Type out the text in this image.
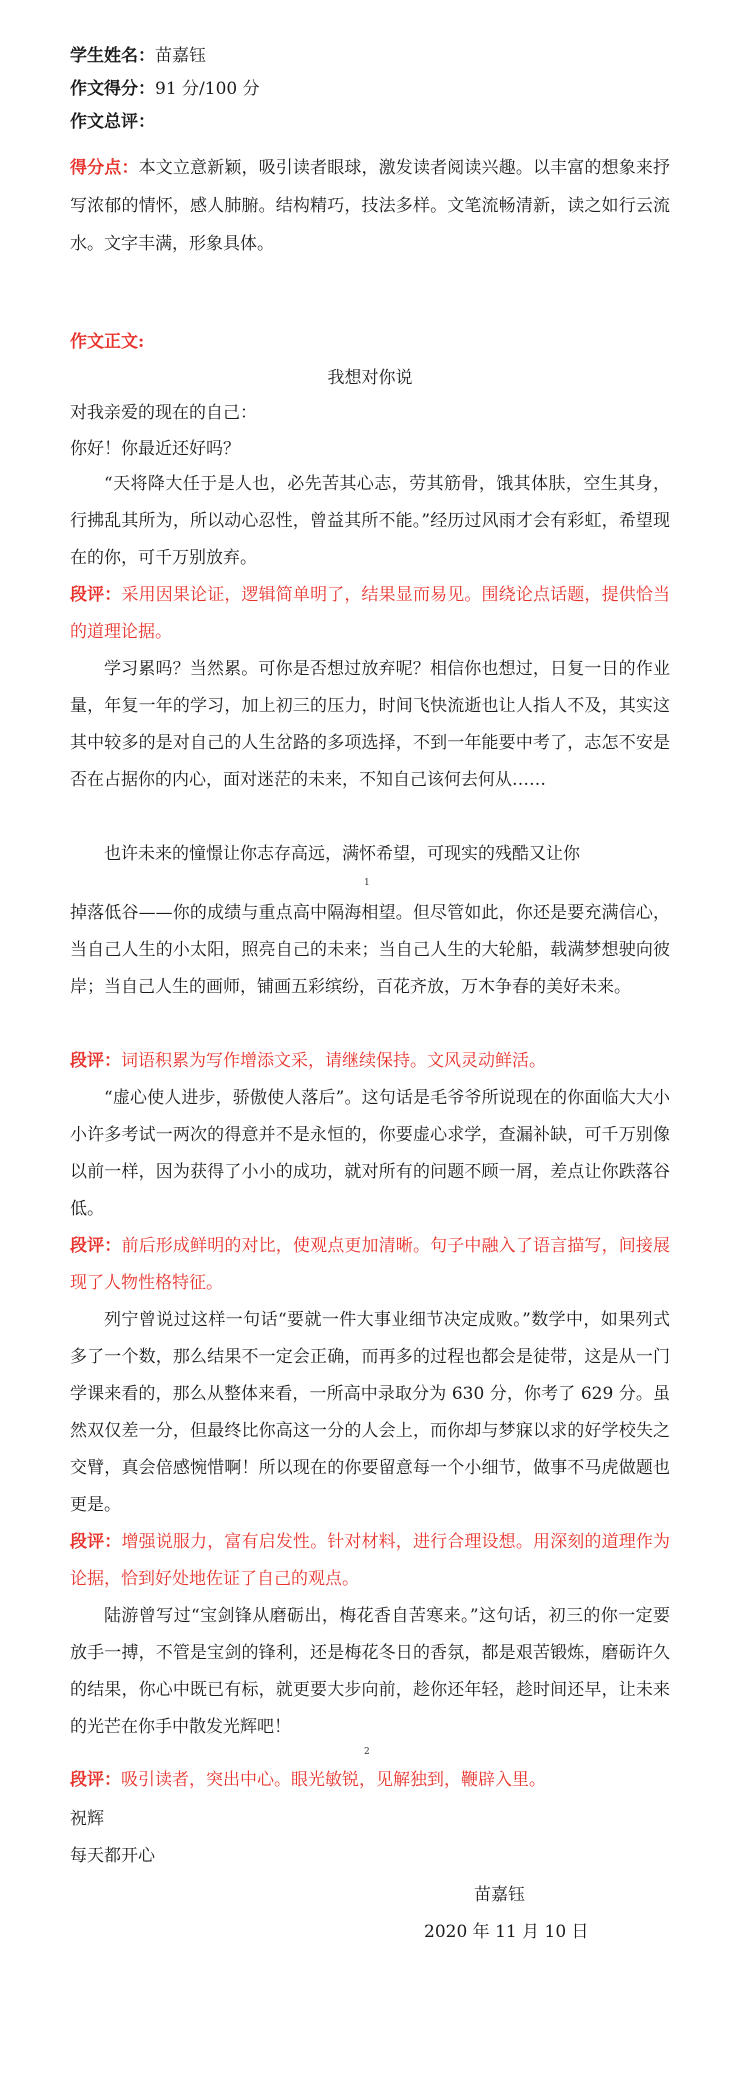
学生姓名：苗嘉钰
作文得分：91 分/100 分
作文总评：

得分点：本文立意新颖，吸引读者眼球，激发读者阅读兴趣。以丰富的想象来抒写浓郁的情怀，感人肺腑。结构精巧，技法多样。文笔流畅清新，读之如行云流水。文字丰满，形象具体。

作文正文:
我想对你说
对我亲爱的现在的自己：
你好！你最近还好吗？

“天将降大任于是人也，必先苦其心志，劳其筋骨，饿其体肤，空生其身，行拂乱其所为，所以动心忍性，曾益其所不能。”经历过风雨才会有彩虹，希望现在的你，可千万别放弃。

段评：采用因果论证，逻辑简单明了，结果显而易见。围绕论点话题，提供恰当的道理论据。

学习累吗？当然累。可你是否想过放弃呢？相信你也想过，日复一日的作业量，年复一年的学习，加上初三的压力，时间飞快流逝也让人指人不及，其实这其中较多的是对自己的人生岔路的多项选择，不到一年能要中考了，志怎不安是否在占据你的内心，面对迷茫的未来，不知自己该何去何从……

也许未来的憧憬让你志存高远，满怀希望，可现实的残酷又让你

1

掉落低谷——你的成绩与重点高中隔海相望。但尽管如此，你还是要充满信心，当自己人生的小太阳，照亮自己的未来；当自己人生的大轮船，载满梦想驶向彼岸；当自己人生的画师，铺画五彩缤纷，百花齐放，万木争春的美好未来。

段评：词语积累为写作增添文采，请继续保持。文风灵动鲜活。

“虚心使人进步，骄傲使人落后”。这句话是毛爷爷所说现在的你面临大大小小许多考试一两次的得意并不是永恒的，你要虚心求学，查漏补缺，可千万别像以前一样，因为获得了小小的成功，就对所有的问题不顾一屑，差点让你跌落谷低。

段评：前后形成鲜明的对比，使观点更加清晰。句子中融入了语言描写，间接展现了人物性格特征。

列宁曾说过这样一句话“要就一件大事业细节决定成败。”数学中，如果列式多了一个数，那么结果不一定会正确，而再多的过程也都会是徒带，这是从一门学课来看的，那么从整体来看，一所高中录取分为 630 分，你考了 629 分。虽然双仅差一分，但最终比你高这一分的人会上，而你却与梦寐以求的好学校失之交臂，真会倍感惋惜啊！所以现在的你要留意每一个小细节，做事不马虎做题也更是。

段评：增强说服力，富有启发性。针对材料，进行合理设想。用深刻的道理作为论据，恰到好处地佐证了自己的观点。

陆游曾写过“宝剑锋从磨砺出，梅花香自苦寒来。”这句话，初三的你一定要放手一搏，不管是宝剑的锋利，还是梅花冬日的香氛，都是艰苦锻炼，磨砺许久的结果，你心中既已有标，就更要大步向前，趁你还年轻，趁时间还早，让未来的光芒在你手中散发光辉吧！

2

段评：吸引读者，突出中心。眼光敏锐，见解独到，鞭辟入里。

祝辉
每天都开心
苗嘉钰
2020 年 11 月 10 日
